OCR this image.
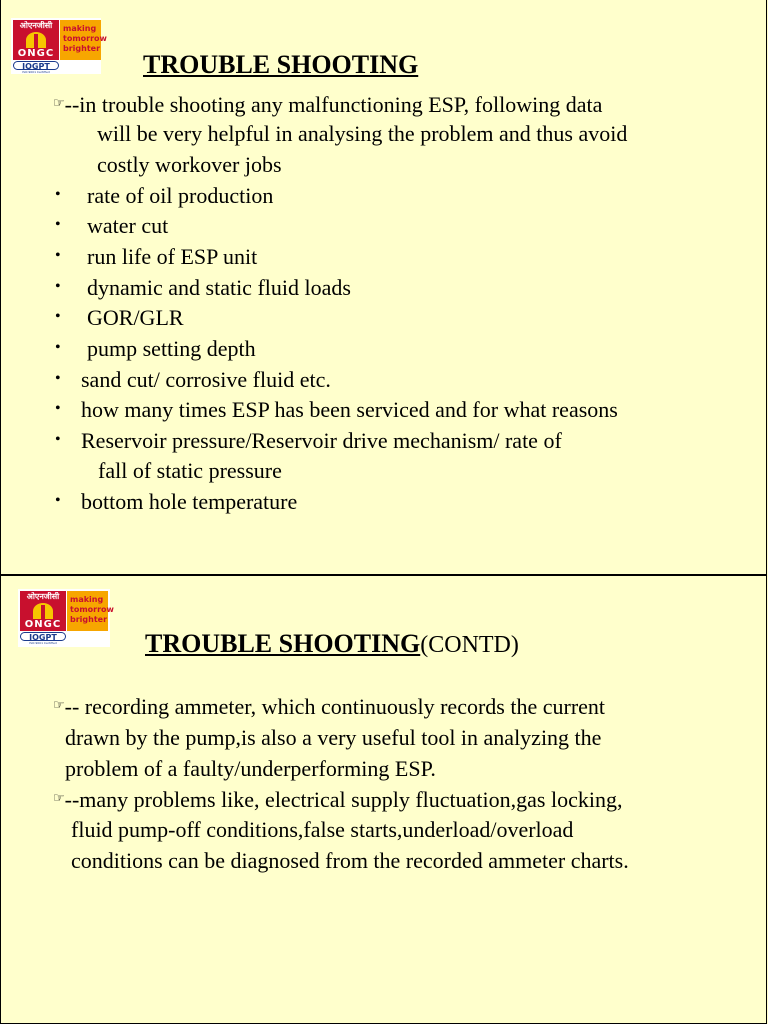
ओएनजीसी
ONGC
making
tomorrow
brighter
IOGPT
ISO:9001 Certified	TROUBLE SHOOTING
☞--in trouble shooting any malfunctioning ESP, following data
will be very helpful in analysing the problem and thus avoid
costly workover jobs
• rate of oil production
• water cut
• run life of ESP unit
• dynamic and static fluid loads
• GOR/GLR
• pump setting depth
• sand cut/ corrosive fluid etc.
• how many times ESP has been serviced and for what reasons
• Reservoir pressure/Reservoir drive mechanism/ rate of
fall of static pressure
• bottom hole temperature
ओएनजीसी
ONGC
making
tomorrow
brighter
IOGPT
ISO:9001 Certified	TROUBLE SHOOTING(CONTD)
☞-- recording ammeter, which continuously records the current
drawn by the pump,is also a very useful tool in analyzing the
problem of a faulty/underperforming ESP.
☞--many problems like, electrical supply fluctuation,gas locking,
fluid pump-off conditions,false starts,underload/overload
conditions can be diagnosed from the recorded ammeter charts.
